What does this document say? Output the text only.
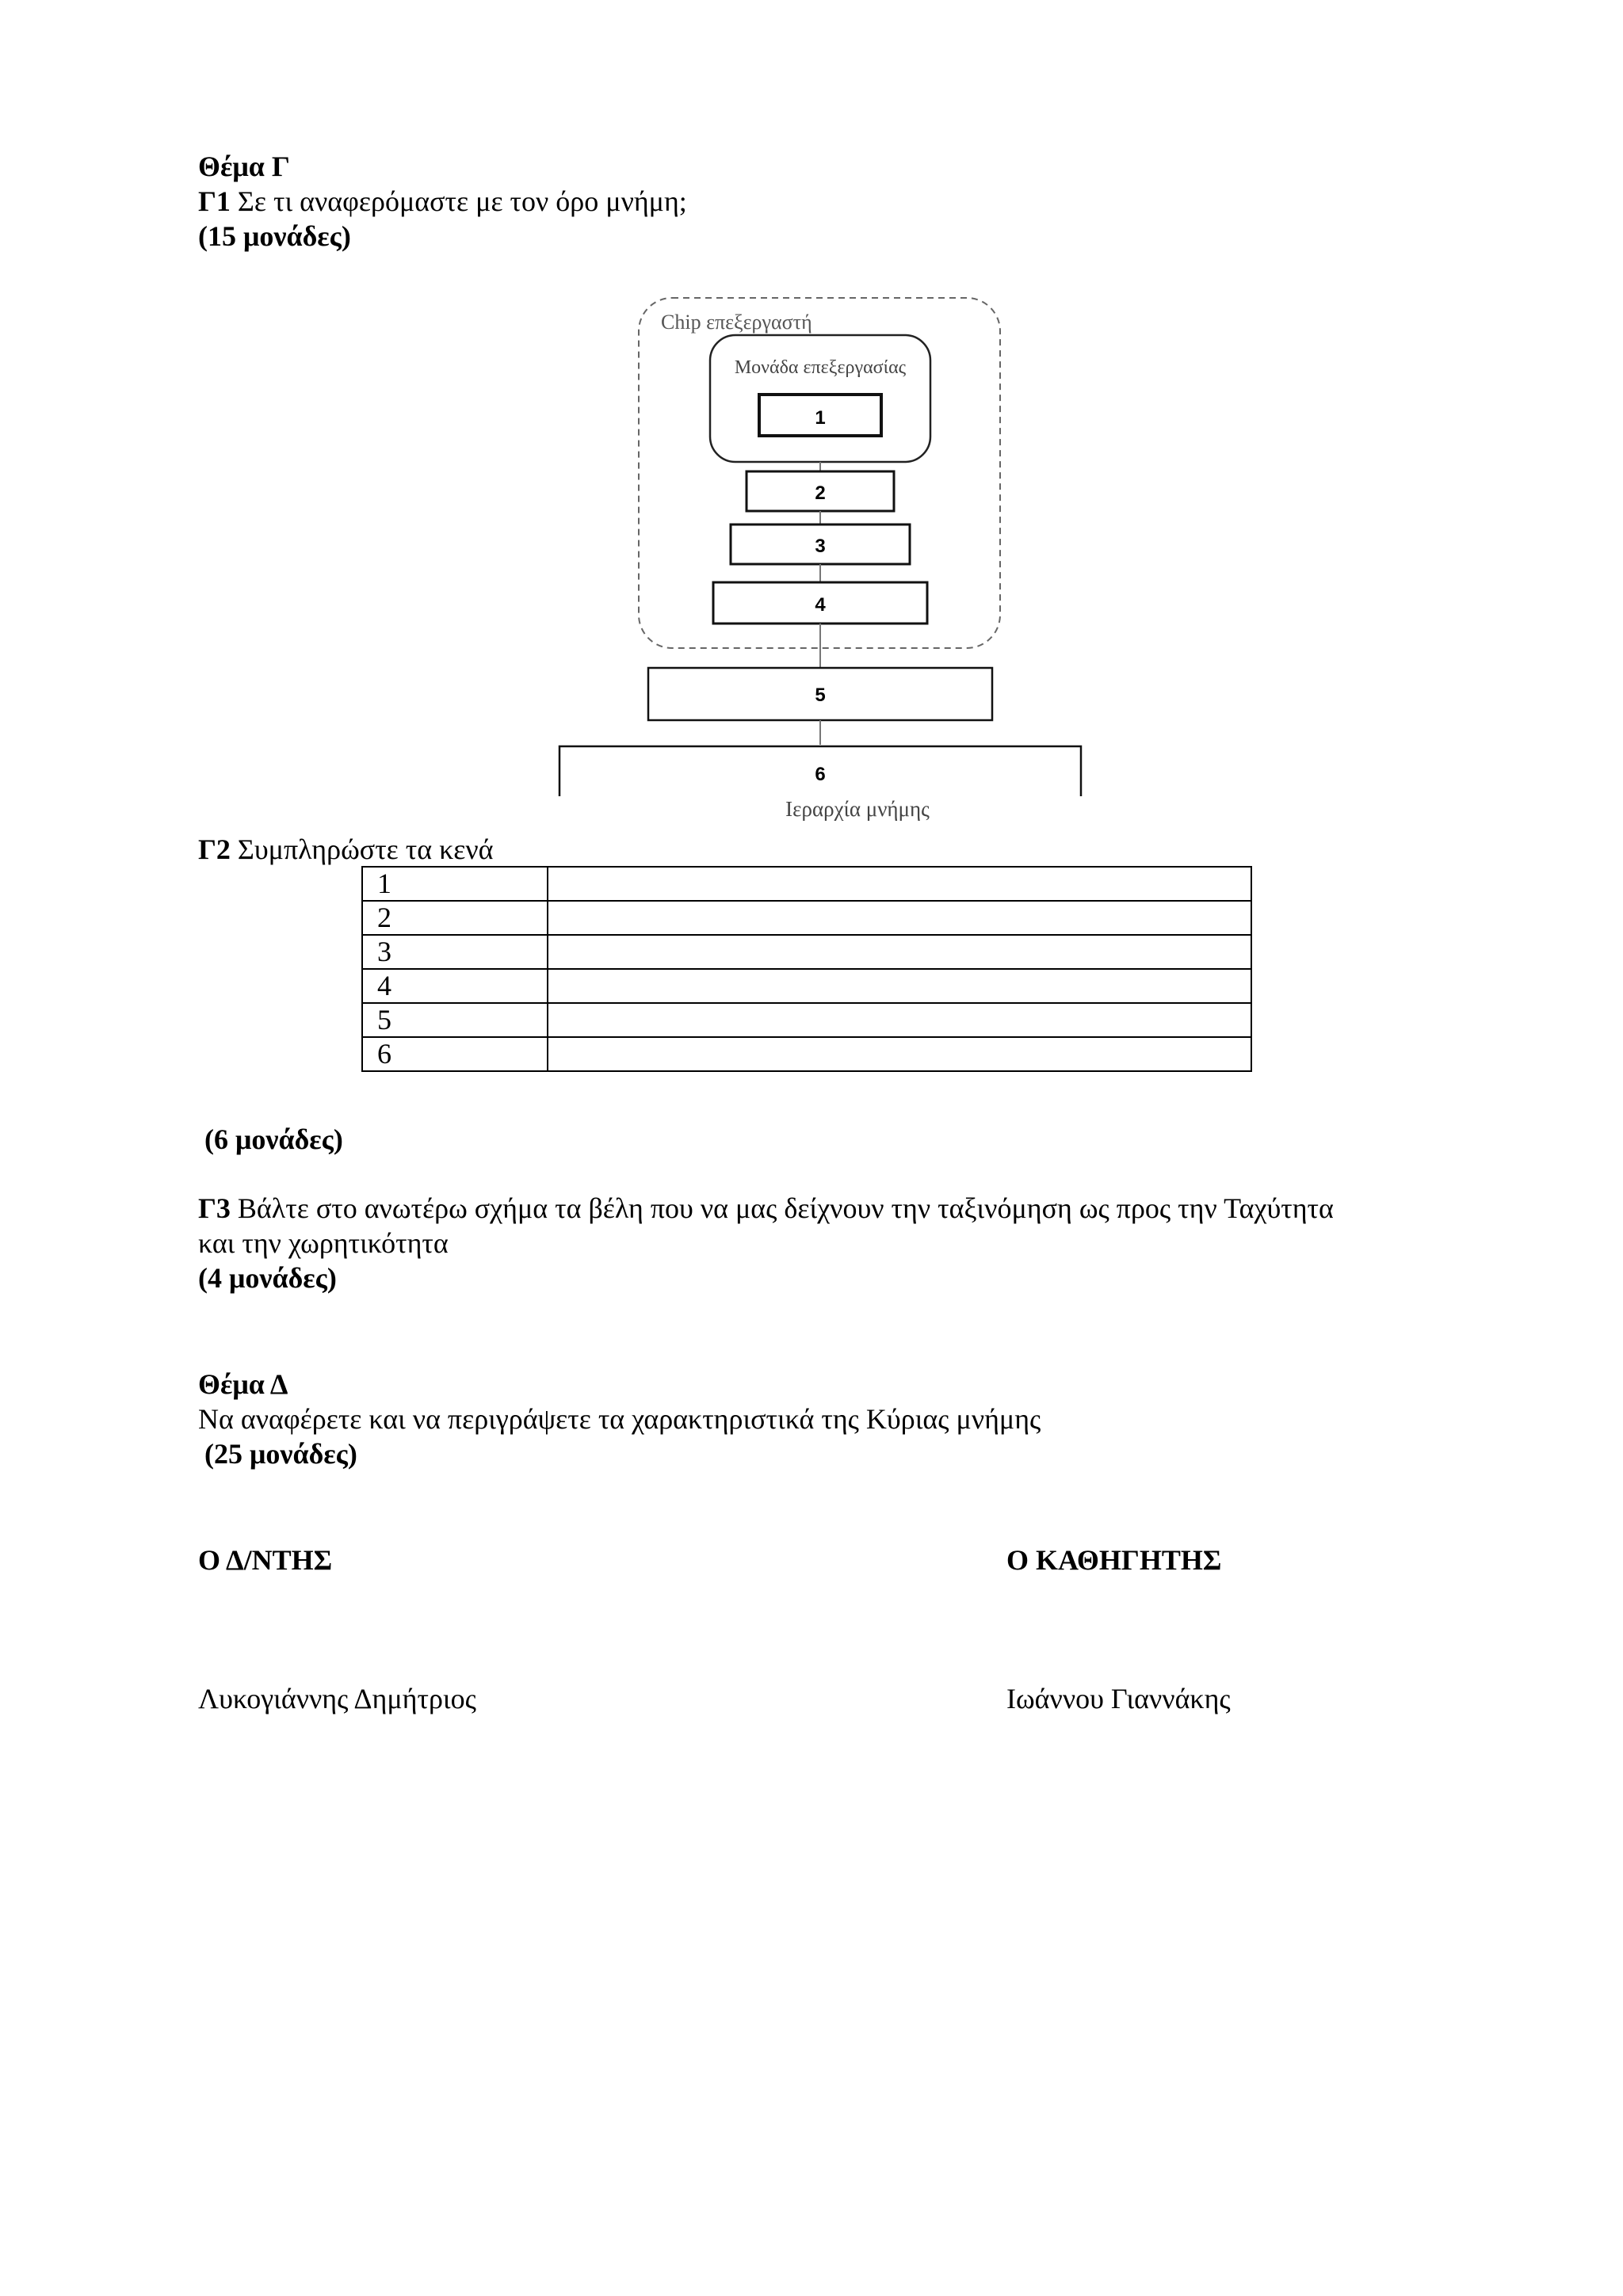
Θέμα Γ
Γ1 Σε τι αναφερόμαστε με τον όρο μνήμη;
(15 μονάδες)
Chip επεξεργαστή
Μονάδα επεξεργασίας
1
2
3
4
5
6
Ιεραρχία μνήμης
Γ2 Συμπληρώστε τα κενά
1	
2	
3	
4	
5	
6	
(6 μονάδες)
Γ3 Βάλτε στο ανωτέρω σχήμα τα βέλη που να μας δείχνουν την ταξινόμηση ως προς την Ταχύτητα
και την χωρητικότητα
(4 μονάδες)
Θέμα Δ
Να αναφέρετε και να περιγράψετε τα χαρακτηριστικά της Κύριας μνήμης
(25 μονάδες)
Ο Δ/ΝΤΗΣ	Ο ΚΑΘΗΓΗΤΗΣ
Λυκογιάννης Δημήτριος	Ιωάννου Γιαννάκης
